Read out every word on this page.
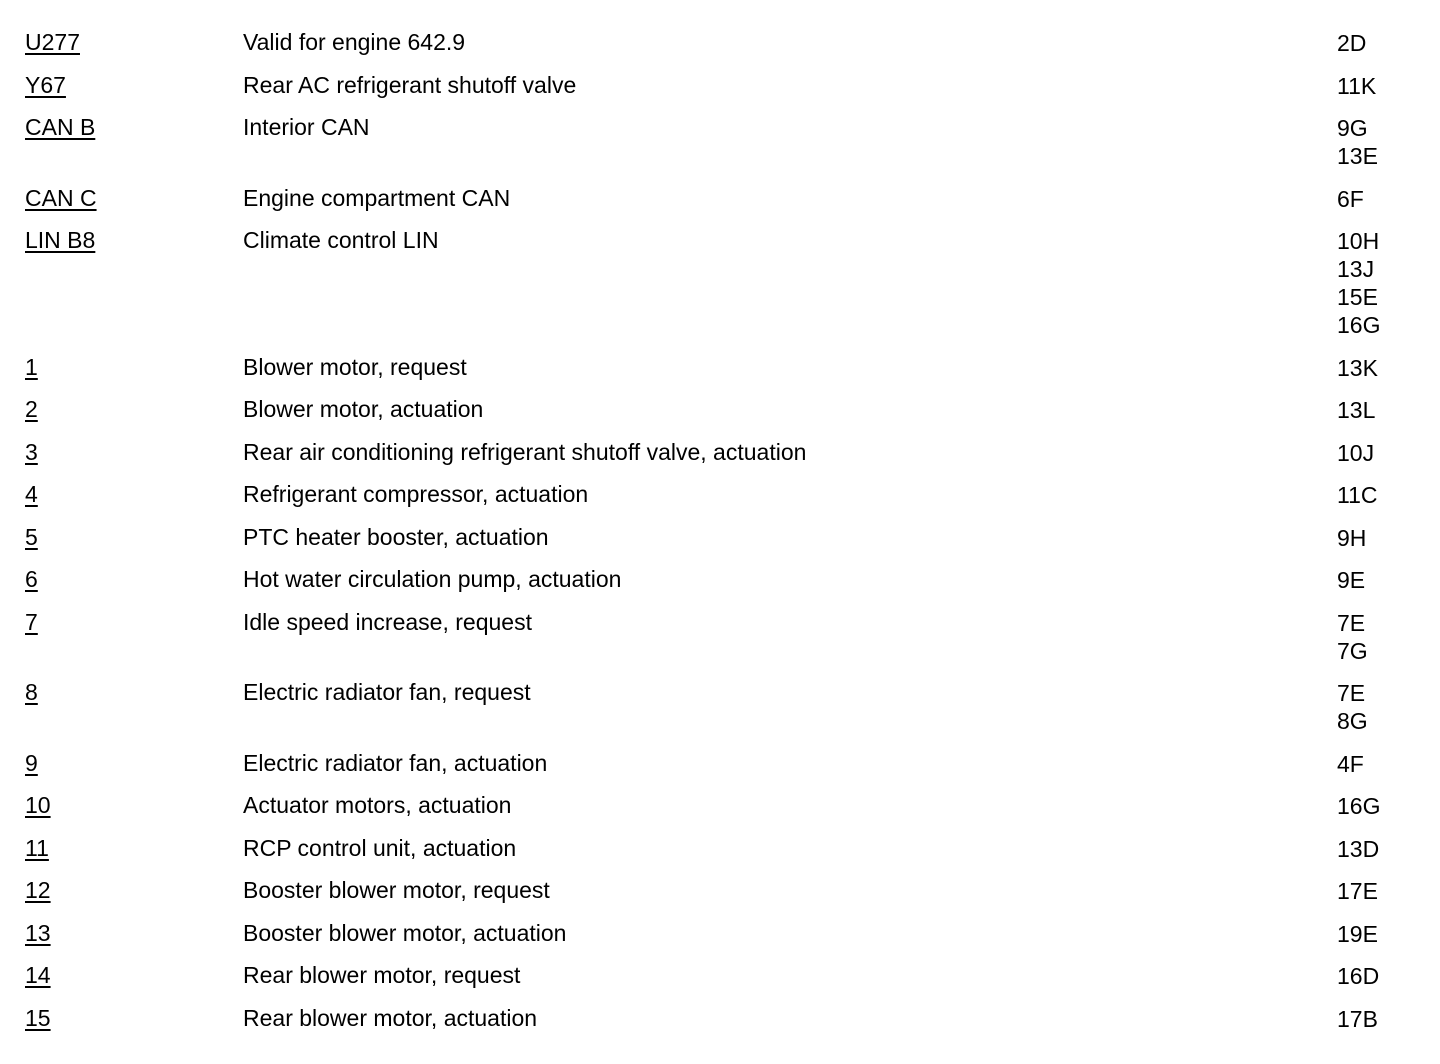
U277	Valid for engine 642.9	2D
Y67	Rear AC refrigerant shutoff valve	11K
CAN B	Interior CAN	9G
13E
CAN C	Engine compartment CAN	6F
LIN B8	Climate control LIN	10H
13J
15E
16G
1	Blower motor, request	13K
2	Blower motor, actuation	13L
3	Rear air conditioning refrigerant shutoff valve, actuation	10J
4	Refrigerant compressor, actuation	11C
5	PTC heater booster, actuation	9H
6	Hot water circulation pump, actuation	9E
7	Idle speed increase, request	7E
7G
8	Electric radiator fan, request	7E
8G
9	Electric radiator fan, actuation	4F
10	Actuator motors, actuation	16G
11	RCP control unit, actuation	13D
12	Booster blower motor, request	17E
13	Booster blower motor, actuation	19E
14	Rear blower motor, request	16D
15	Rear blower motor, actuation	17B
